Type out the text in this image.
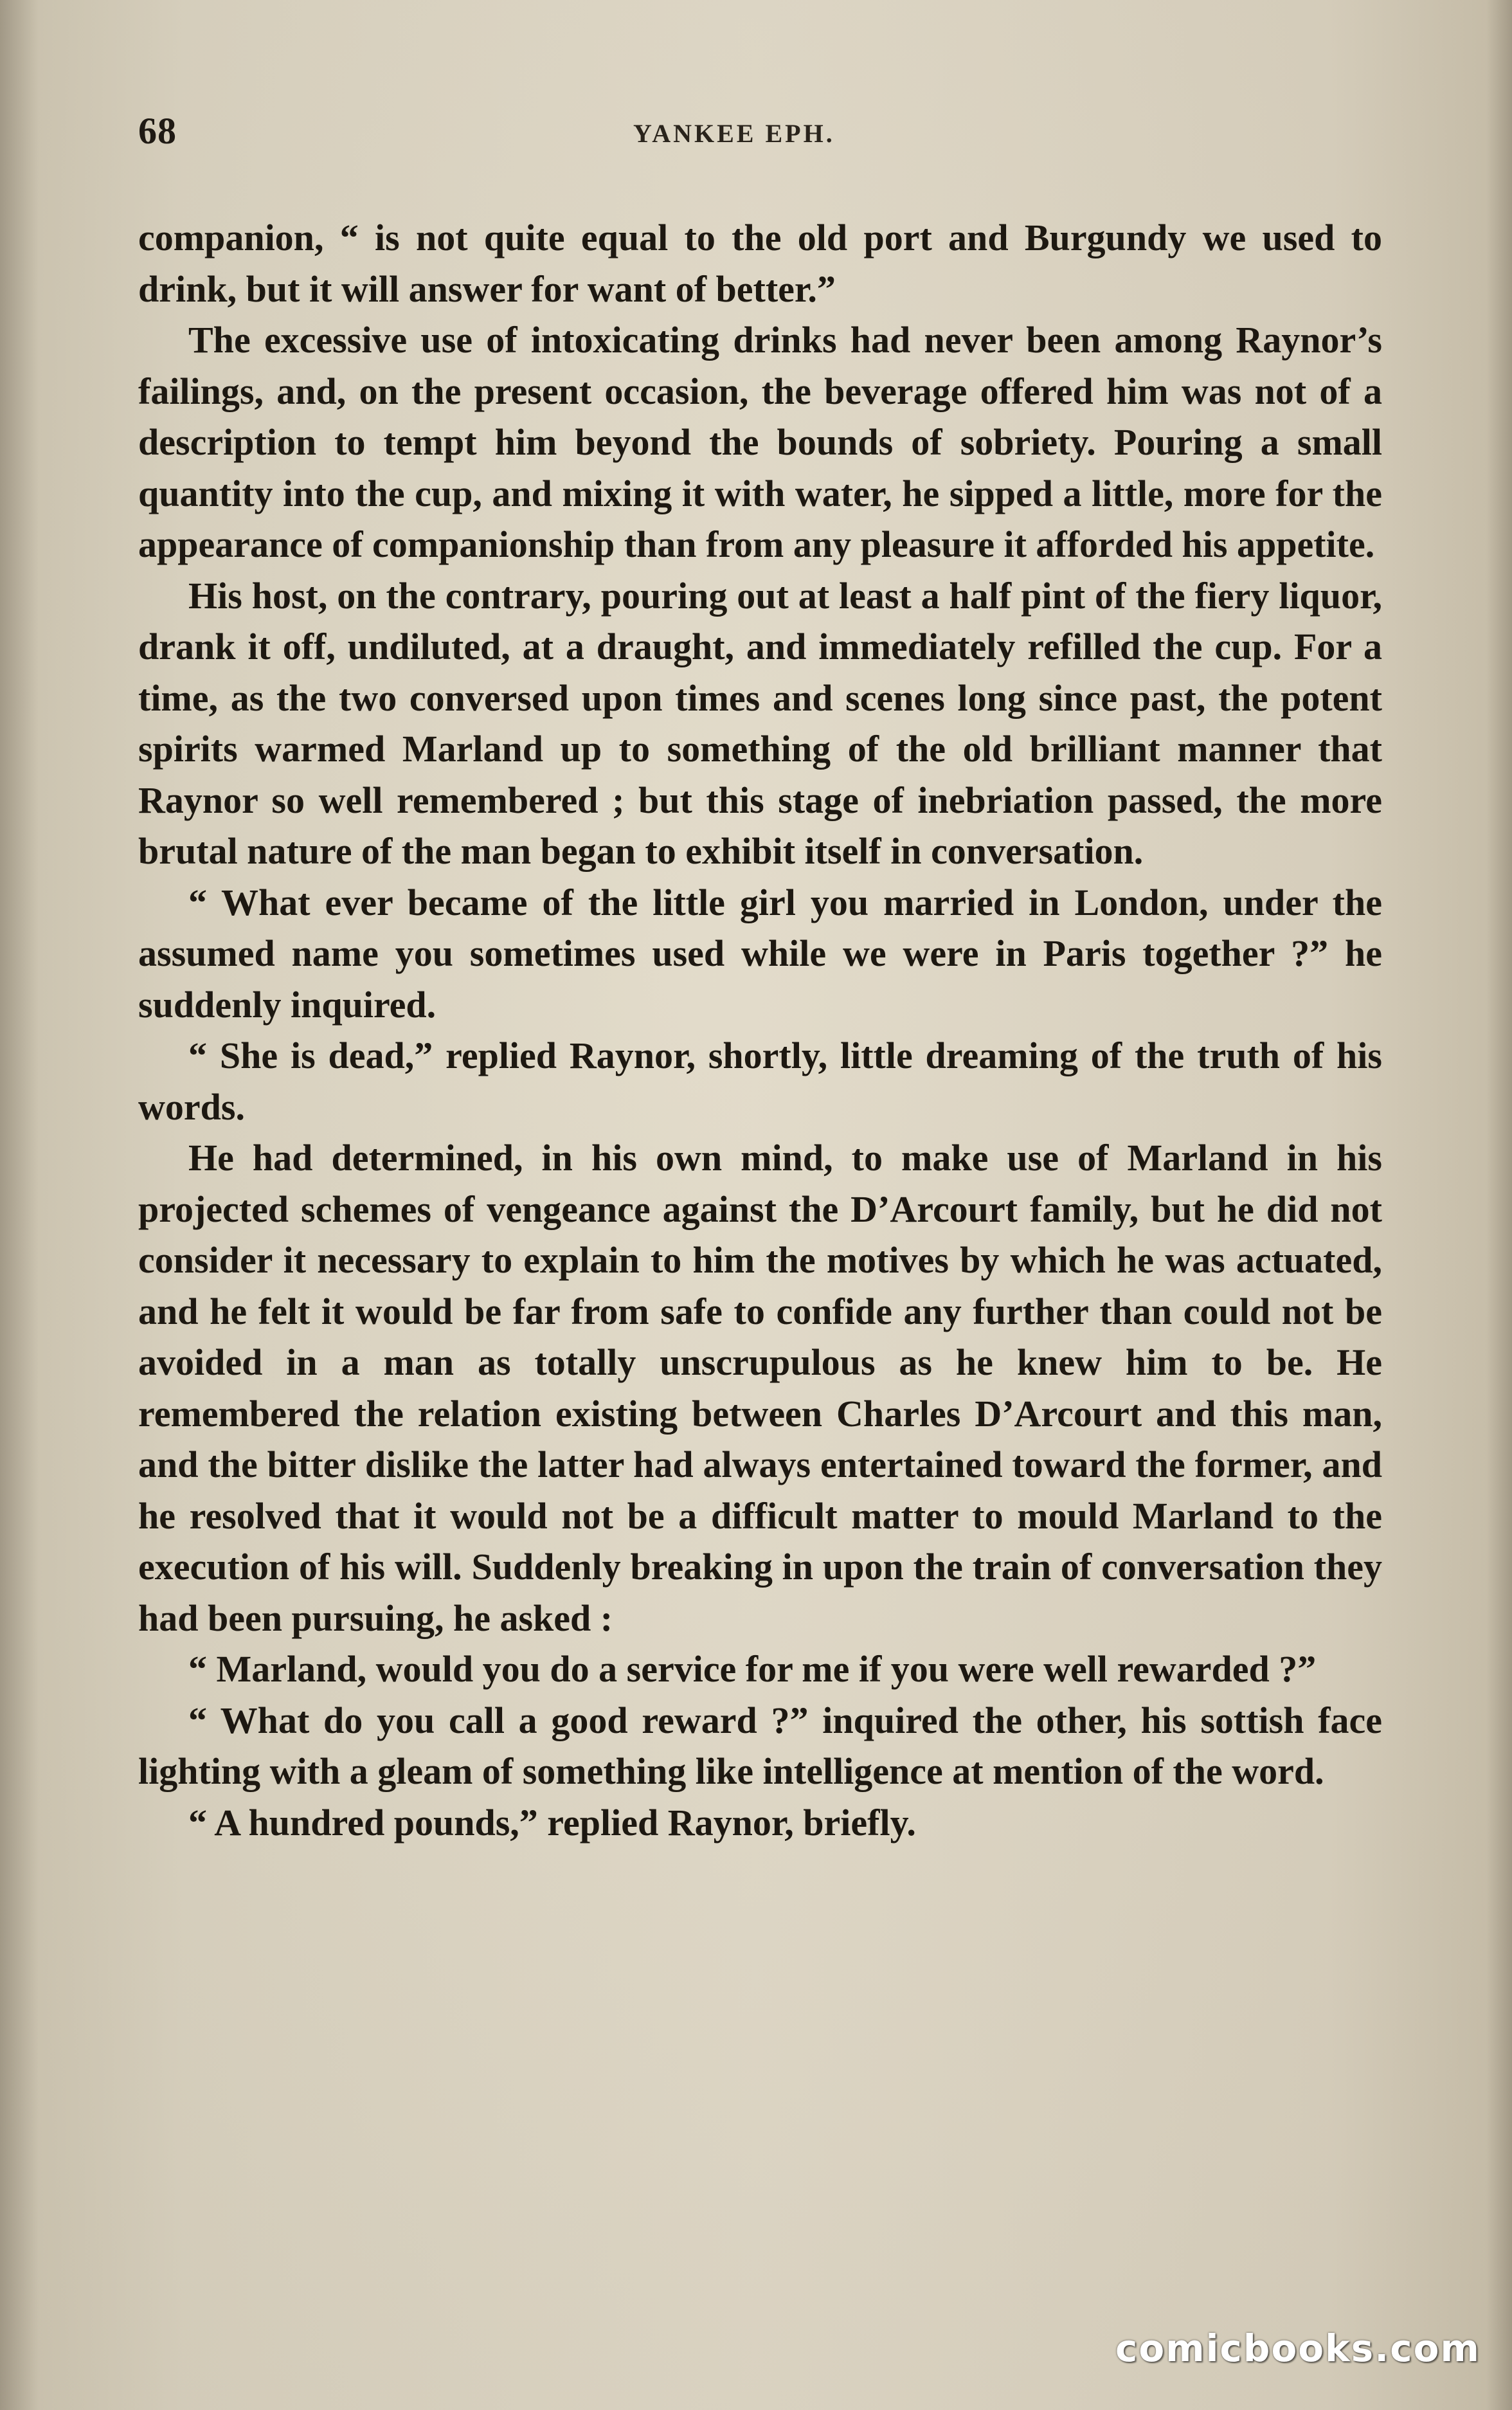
68	YANKEE EPH.

companion, “ is not quite equal to the old port and Burgundy we used to drink, but it will answer for want of better.”

The excessive use of intoxicating drinks had never been among Raynor’s failings, and, on the present occasion, the beverage offered him was not of a description to tempt him beyond the bounds of sobriety. Pouring a small quantity into the cup, and mixing it with water, he sipped a little, more for the appearance of companionship than from any pleasure it afforded his appetite.

His host, on the contrary, pouring out at least a half pint of the fiery liquor, drank it off, undiluted, at a draught, and immediately refilled the cup. For a time, as the two conversed upon times and scenes long since past, the potent spirits warmed Marland up to something of the old brilliant manner that Raynor so well remembered ; but this stage of inebriation passed, the more brutal nature of the man began to exhibit itself in conversation.

“ What ever became of the little girl you married in London, under the assumed name you sometimes used while we were in Paris together ?” he suddenly inquired.

“ She is dead,” replied Raynor, shortly, little dreaming of the truth of his words.

He had determined, in his own mind, to make use of Marland in his projected schemes of vengeance against the D’Arcourt family, but he did not consider it necessary to explain to him the motives by which he was actuated, and he felt it would be far from safe to confide any further than could not be avoided in a man as totally unscrupulous as he knew him to be. He remembered the relation existing between Charles D’Arcourt and this man, and the bitter dislike the latter had always entertained toward the former, and he resolved that it would not be a difficult matter to mould Marland to the execution of his will. Suddenly breaking in upon the train of conversation they had been pursuing, he asked :

“ Marland, would you do a service for me if you were well rewarded ?”

“ What do you call a good reward ?” inquired the other, his sottish face lighting with a gleam of something like intelligence at mention of the word.

“ A hundred pounds,” replied Raynor, briefly.

comicbooks.com
